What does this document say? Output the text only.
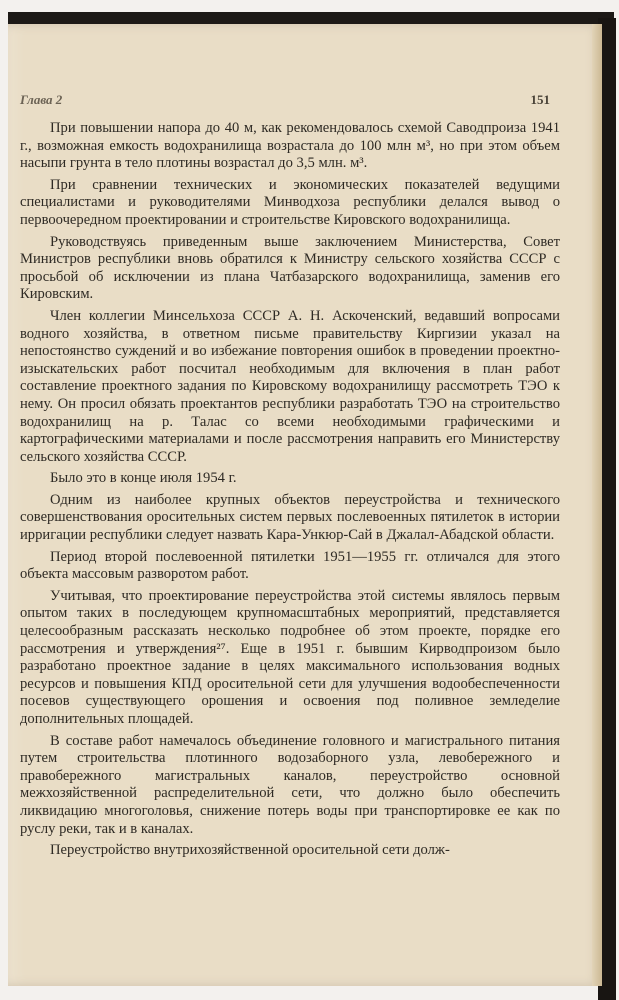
Глава 2	151

При повышении напора до 40 м, как рекомендовалось схемой Саводпроиза 1941 г., возможная емкость водохранилища возрастала до 100 млн м³, но при этом объем насыпи грунта в тело плотины возрастал до 3,5 млн. м³.

При сравнении технических и экономических показателей ведущими специалистами и руководителями Минводхоза республики делался вывод о первоочередном проектировании и строительстве Кировского водохранилища.

Руководствуясь приведенным выше заключением Министерства, Совет Министров республики вновь обратился к Министру сельского хозяйства СССР с просьбой об исключении из плана Чатбазарского водохранилища, заменив его Кировским.

Член коллегии Минсельхоза СССР А. Н. Аскоченский, ведавший вопросами водного хозяйства, в ответном письме правительству Киргизии указал на непостоянство суждений и во избежание повторения ошибок в проведении проектно-изыскательских работ посчитал необходимым для включения в план работ составление проектного задания по Кировскому водохранилищу рассмотреть ТЭО к нему. Он просил обязать проектантов республики разработать ТЭО на строительство водохранилищ на р. Талас со всеми необходимыми графическими и картографическими материалами и после рассмотрения направить его Министерству сельского хозяйства СССР.

Было это в конце июля 1954 г.

Одним из наиболее крупных объектов переустройства и технического совершенствования оросительных систем первых послевоенных пятилеток в истории ирригации республики следует назвать Кара-Ункюр-Сай в Джалал-Абадской области.

Период второй послевоенной пятилетки 1951—1955 гг. отличался для этого объекта массовым разворотом работ.

Учитывая, что проектирование переустройства этой системы являлось первым опытом таких в последующем крупномасштабных мероприятий, представляется целесообразным рассказать несколько подробнее об этом проекте, порядке его рассмотрения и утверждения²⁷. Еще в 1951 г. бывшим Кирводпроизом было разработано проектное задание в целях максимального использования водных ресурсов и повышения КПД оросительной сети для улучшения водообеспеченности посевов существующего орошения и освоения под поливное земледелие дополнительных площадей.

В составе работ намечалось объединение головного и магистрального питания путем строительства плотинного водозаборного узла, левобережного и правобережного магистральных каналов, переустройство основной межхозяйственной распределительной сети, что должно было обеспечить ликвидацию многоголовья, снижение потерь воды при транспортировке ее как по руслу реки, так и в каналах.

Переустройство внутрихозяйственной оросительной сети долж-
